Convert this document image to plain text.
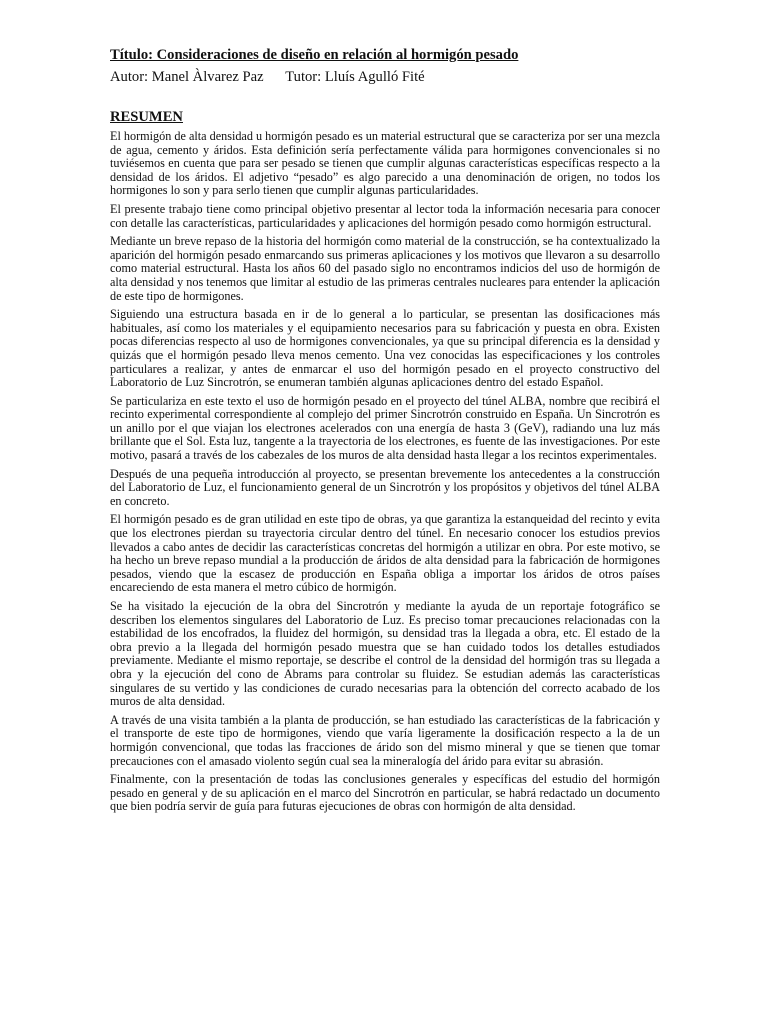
Título: Consideraciones de diseño en relación al hormigón pesado

Autor: Manel Àlvarez Paz Tutor: Lluís Agulló Fité

RESUMEN

El hormigón de alta densidad u hormigón pesado es un material estructural que se caracteriza por ser una mezcla de agua, cemento y áridos. Esta definición sería perfectamente válida para hormigones convencionales si no tuviésemos en cuenta que para ser pesado se tienen que cumplir algunas características específicas respecto a la densidad de los áridos. El adjetivo “pesado” es algo parecido a una denominación de origen, no todos los hormigones lo son y para serlo tienen que cumplir algunas particularidades.

El presente trabajo tiene como principal objetivo presentar al lector toda la información necesaria para conocer con detalle las características, particularidades y aplicaciones del hormigón pesado como hormigón estructural.

Mediante un breve repaso de la historia del hormigón como material de la construcción, se ha contextualizado la aparición del hormigón pesado enmarcando sus primeras aplicaciones y los motivos que llevaron a su desarrollo como material estructural. Hasta los años 60 del pasado siglo no encontramos indicios del uso de hormigón de alta densidad y nos tenemos que limitar al estudio de las primeras centrales nucleares para entender la aplicación de este tipo de hormigones.

Siguiendo una estructura basada en ir de lo general a lo particular, se presentan las dosificaciones más habituales, así como los materiales y el equipamiento necesarios para su fabricación y puesta en obra. Existen pocas diferencias respecto al uso de hormigones convencionales, ya que su principal diferencia es la densidad y quizás que el hormigón pesado lleva menos cemento. Una vez conocidas las especificaciones y los controles particulares a realizar, y antes de enmarcar el uso del hormigón pesado en el proyecto constructivo del Laboratorio de Luz Sincrotrón, se enumeran también algunas aplicaciones dentro del estado Español.

Se particulariza en este texto el uso de hormigón pesado en el proyecto del túnel ALBA, nombre que recibirá el recinto experimental correspondiente al complejo del primer Sincrotrón construido en España. Un Sincrotrón es un anillo por el que viajan los electrones acelerados con una energía de hasta 3 (GeV), radiando una luz más brillante que el Sol. Esta luz, tangente a la trayectoria de los electrones, es fuente de las investigaciones. Por este motivo, pasará a través de los cabezales de los muros de alta densidad hasta llegar a los recintos experimentales.

Después de una pequeña introducción al proyecto, se presentan brevemente los antecedentes a la construcción del Laboratorio de Luz, el funcionamiento general de un Sincrotrón y los propósitos y objetivos del túnel ALBA en concreto.

El hormigón pesado es de gran utilidad en este tipo de obras, ya que garantiza la estanqueidad del recinto y evita que los electrones pierdan su trayectoria circular dentro del túnel. En necesario conocer los estudios previos llevados a cabo antes de decidir las características concretas del hormigón a utilizar en obra. Por este motivo, se ha hecho un breve repaso mundial a la producción de áridos de alta densidad para la fabricación de hormigones pesados, viendo que la escasez de producción en España obliga a importar los áridos de otros países encareciendo de esta manera el metro cúbico de hormigón.

Se ha visitado la ejecución de la obra del Sincrotrón y mediante la ayuda de un reportaje fotográfico se describen los elementos singulares del Laboratorio de Luz. Es preciso tomar precauciones relacionadas con la estabilidad de los encofrados, la fluidez del hormigón, su densidad tras la llegada a obra, etc. El estado de la obra previo a la llegada del hormigón pesado muestra que se han cuidado todos los detalles estudiados previamente. Mediante el mismo reportaje, se describe el control de la densidad del hormigón tras su llegada a obra y la ejecución del cono de Abrams para controlar su fluidez. Se estudian además las características singulares de su vertido y las condiciones de curado necesarias para la obtención del correcto acabado de los muros de alta densidad.

A través de una visita también a la planta de producción, se han estudiado las características de la fabricación y el transporte de este tipo de hormigones, viendo que varía ligeramente la dosificación respecto a la de un hormigón convencional, que todas las fracciones de árido son del mismo mineral y que se tienen que tomar precauciones con el amasado violento según cual sea la mineralogía del árido para evitar su abrasión.

Finalmente, con la presentación de todas las conclusiones generales y específicas del estudio del hormigón pesado en general y de su aplicación en el marco del Sincrotrón en particular, se habrá redactado un documento que bien podría servir de guía para futuras ejecuciones de obras con hormigón de alta densidad.
